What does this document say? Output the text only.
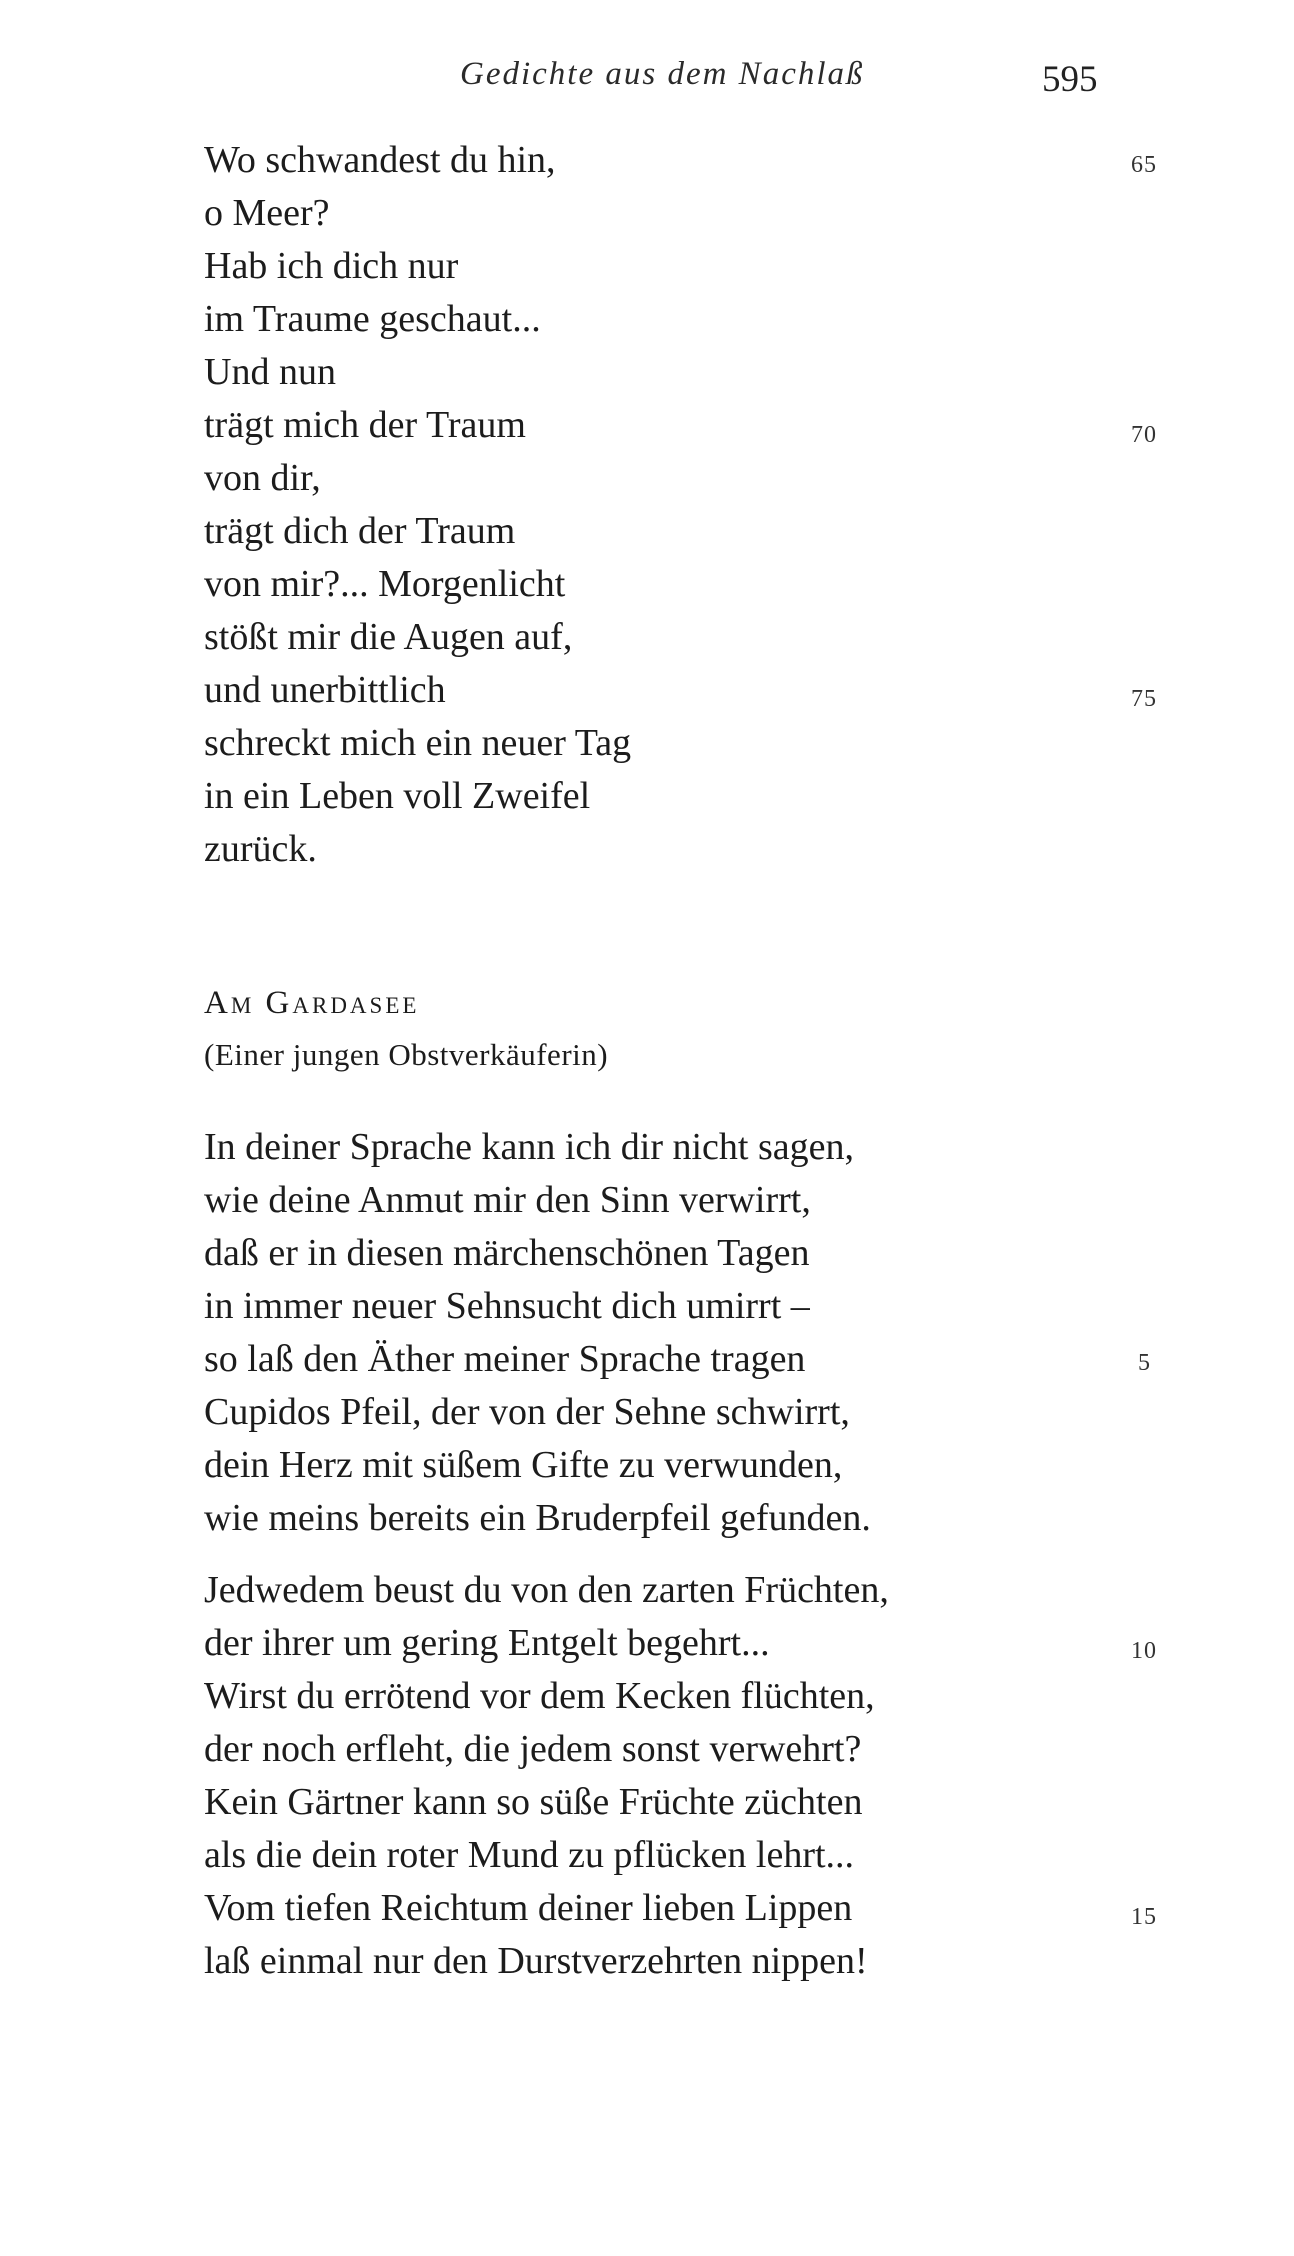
Gedichte aus dem Nachlaß	595
Wo schwandest du hin,
o Meer?
Hab ich dich nur
im Traume geschaut...
Und nun
trägt mich der Traum
von dir,
trägt dich der Traum
von mir?... Morgenlicht
stößt mir die Augen auf,
und unerbittlich
schreckt mich ein neuer Tag
in ein Leben voll Zweifel
zurück.
65
70
75
Am Gardasee
(Einer jungen Obstverkäuferin)
In deiner Sprache kann ich dir nicht sagen,
wie deine Anmut mir den Sinn verwirrt,
daß er in diesen märchenschönen Tagen
in immer neuer Sehnsucht dich umirrt –
so laß den Äther meiner Sprache tragen
Cupidos Pfeil, der von der Sehne schwirrt,
dein Herz mit süßem Gifte zu verwunden,
wie meins bereits ein Bruderpfeil gefunden.
Jedwedem beust du von den zarten Früchten,
der ihrer um gering Entgelt begehrt...
Wirst du errötend vor dem Kecken flüchten,
der noch erfleht, die jedem sonst verwehrt?
Kein Gärtner kann so süße Früchte züchten
als die dein roter Mund zu pflücken lehrt...
Vom tiefen Reichtum deiner lieben Lippen
laß einmal nur den Durstverzehrten nippen!
5
10
15
